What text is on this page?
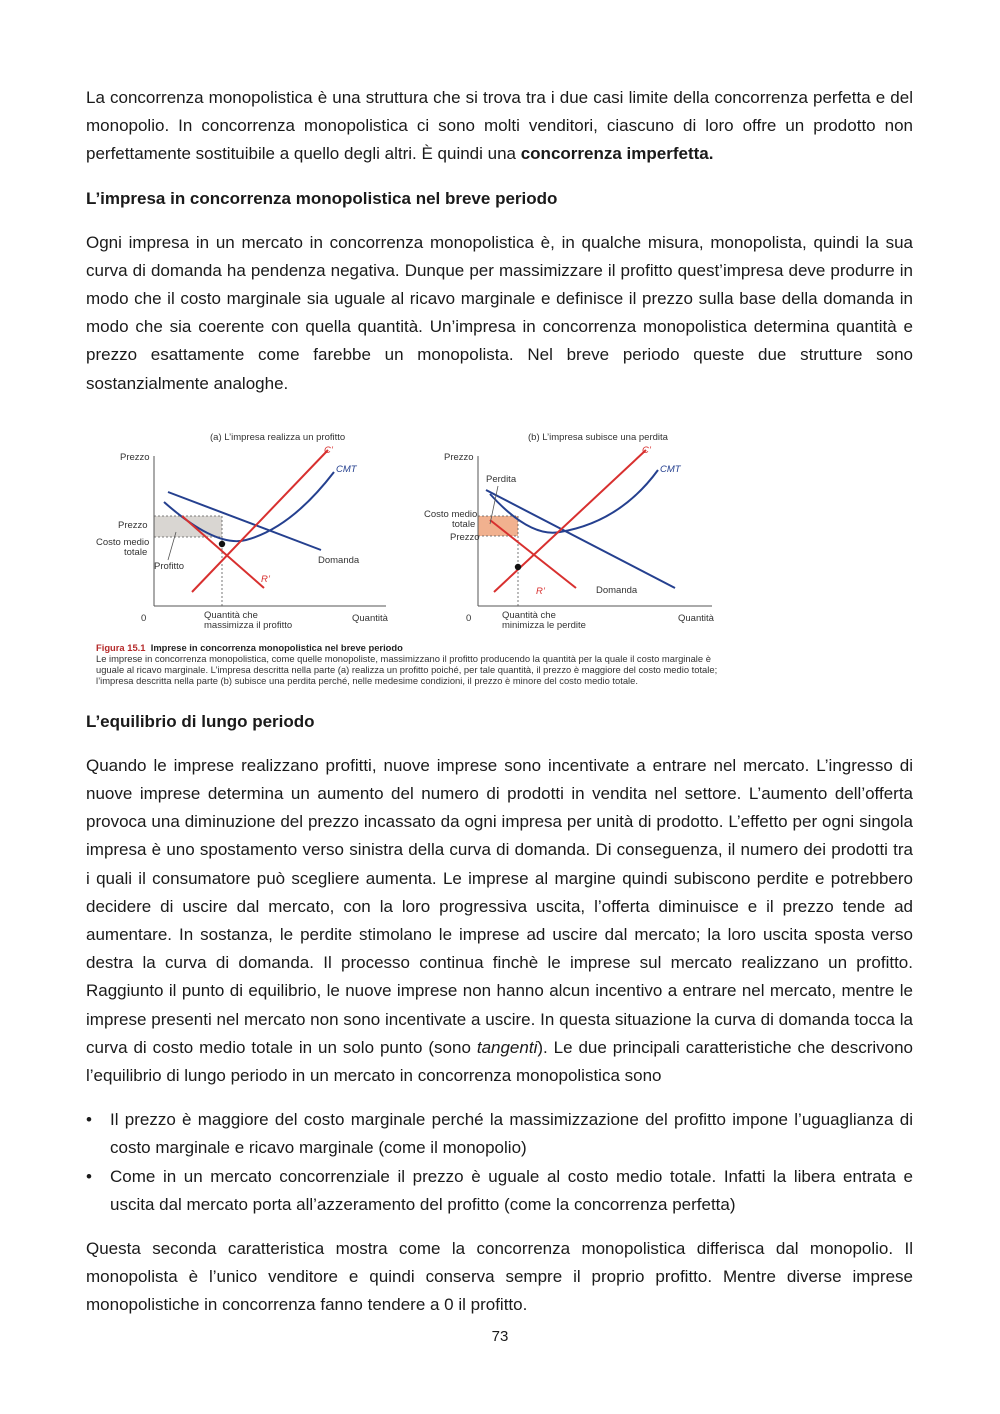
La concorrenza monopolistica è una struttura che si trova tra i due casi limite della concorrenza perfetta e del monopolio. In concorrenza monopolistica ci sono molti venditori, ciascuno di loro offre un prodotto non perfettamente sostituibile a quello degli altri. È quindi una concorrenza imperfetta.

L’impresa in concorrenza monopolistica nel breve periodo

Ogni impresa in un mercato in concorrenza monopolistica è, in qualche misura, monopolista, quindi la sua curva di domanda ha pendenza negativa. Dunque per massimizzare il profitto quest’impresa deve produrre in modo che il costo marginale sia uguale al ricavo marginale e definisce il prezzo sulla base della domanda in modo che sia coerente con quella quantità. Un’impresa in concorrenza monopolistica determina quantità e prezzo esattamente come farebbe un monopolista. Nel breve periodo queste due strutture sono sostanzialmente analoghe.

(a) L’impresa realizza un profitto
Prezzo
0	Quantità
C’
CMT
R’
Domanda
Prezzo
Costo medio
totale
Profitto
Quantità che
massimizza il profitto
(b) L’impresa subisce una perdita
Prezzo
0	Quantità
C’
CMT
R’	Domanda
Perdita
Costo medio
totale
Prezzo
Quantità che
minimizza le perdite
Figura 15.1 Imprese in concorrenza monopolistica nel breve periodo
Le imprese in concorrenza monopolistica, come quelle monopoliste, massimizzano il profitto producendo la quantità per la quale il costo marginale è uguale al ricavo marginale. L’impresa descritta nella parte (a) realizza un profitto poiché, per tale quantità, il prezzo è maggiore del costo medio totale; l’impresa descritta nella parte (b) subisce una perdita perché, nelle medesime condizioni, il prezzo è minore del costo medio totale.
L’equilibrio di lungo periodo

Quando le imprese realizzano profitti, nuove imprese sono incentivate a entrare nel mercato. L’ingresso di nuove imprese determina un aumento del numero di prodotti in vendita nel settore. L’aumento dell’offerta provoca una diminuzione del prezzo incassato da ogni impresa per unità di prodotto. L’effetto per ogni singola impresa è uno spostamento verso sinistra della curva di domanda. Di conseguenza, il numero dei prodotti tra i quali il consumatore può scegliere aumenta. Le imprese al margine quindi subiscono perdite e potrebbero decidere di uscire dal mercato, con la loro progressiva uscita, l’offerta diminuisce e il prezzo tende ad aumentare. In sostanza, le perdite stimolano le imprese ad uscire dal mercato; la loro uscita sposta verso destra la curva di domanda. Il processo continua finchè le imprese sul mercato realizzano un profitto. Raggiunto il punto di equilibrio, le nuove imprese non hanno alcun incentivo a entrare nel mercato, mentre le imprese presenti nel mercato non sono incentivate a uscire. In questa situazione la curva di domanda tocca la curva di costo medio totale in un solo punto (sono tangenti). Le due principali caratteristiche che descrivono l’equilibrio di lungo periodo in un mercato in concorrenza monopolistica sono

• Il prezzo è maggiore del costo marginale perché la massimizzazione del profitto impone l’uguaglianza di costo marginale e ricavo marginale (come il monopolio)
• Come in un mercato concorrenziale il prezzo è uguale al costo medio totale. Infatti la libera entrata e uscita dal mercato porta all’azzeramento del profitto (come la concorrenza perfetta)

Questa seconda caratteristica mostra come la concorrenza monopolistica differisca dal monopolio. Il monopolista è l’unico venditore e quindi conserva sempre il proprio profitto. Mentre diverse imprese monopolistiche in concorrenza fanno tendere a 0 il profitto.

73
